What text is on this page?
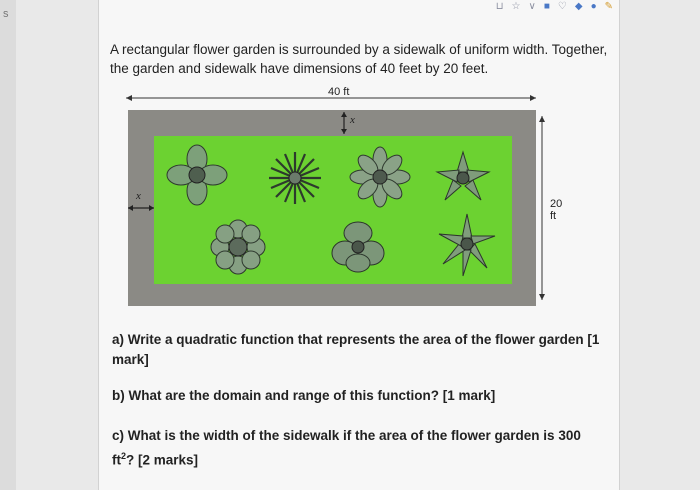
s
⊔ ☆ ∨ ■ ♡ ◆ ● ✎
A rectangular flower garden is surrounded by a sidewalk of uniform width. Together, the garden and sidewalk have dimensions of 40 feet by 20 feet.
40 ft
x
x
20 ft
a) Write a quadratic function that represents the area of the flower garden [1 mark]
b) What are the domain and range of this function? [1 mark]
c) What is the width of the sidewalk if the area of the flower garden is 300 $ft^2$? [2 marks]
